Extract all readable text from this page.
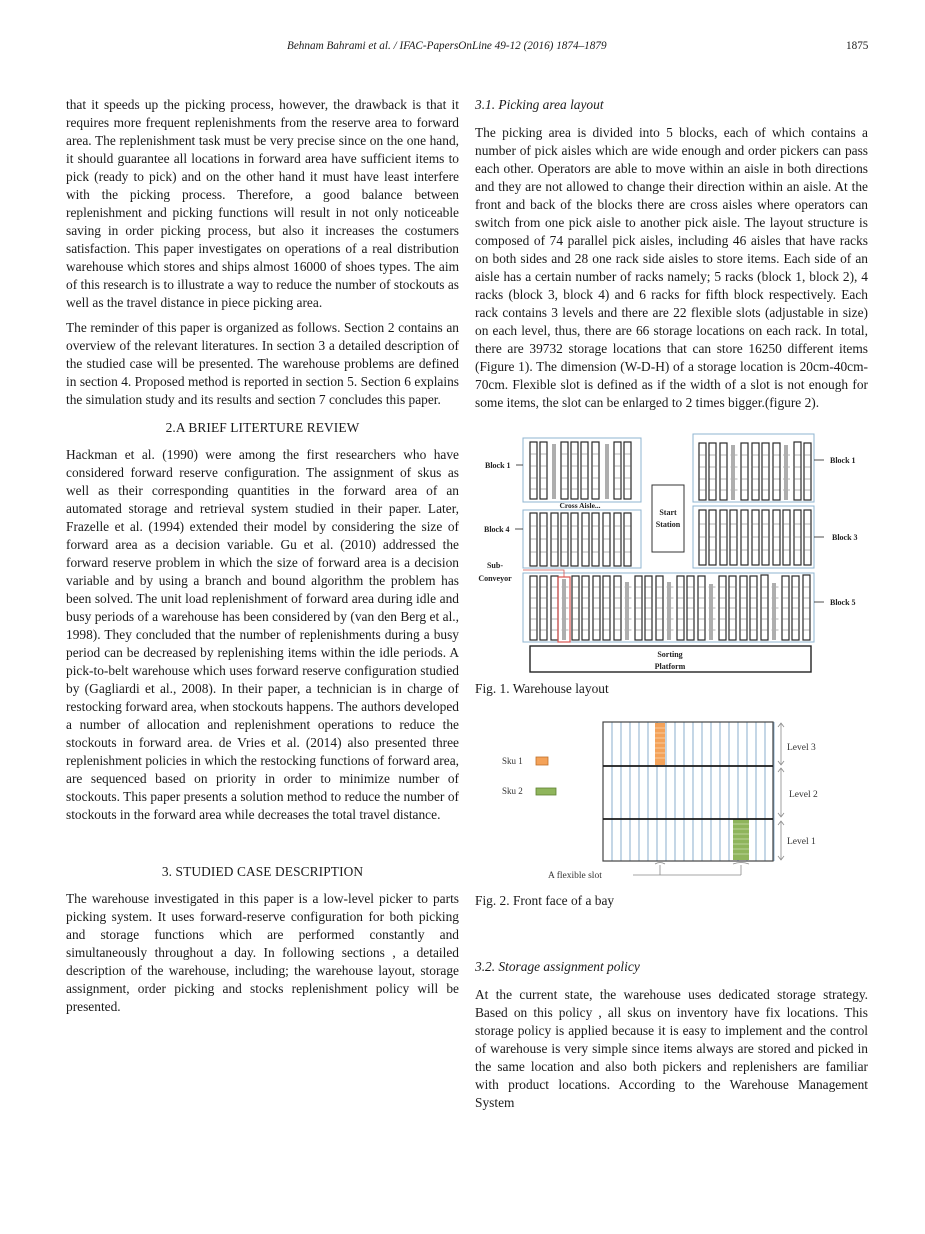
Behnam Bahrami et al. / IFAC-PapersOnLine 49-12 (2016) 1874–1879	1875

that it speeds up the picking process, however, the drawback is that it requires more frequent replenishments from the reserve area to forward area. The replenishment task must be very precise since on the one hand, it should guarantee all locations in forward area have sufficient items to pick (ready to pick) and on the other hand it must have least interfere with the picking process. Therefore, a good balance between replenishment and picking functions will result in not only noticeable saving in order picking process, but also it increases the costumers satisfaction. This paper investigates on operations of a real distribution warehouse which stores and ships almost 16000 of shoes types. The aim of this research is to illustrate a way to reduce the number of stockouts as well as the travel distance in piece picking area.

The reminder of this paper is organized as follows. Section 2 contains an overview of the relevant literatures. In section 3 a detailed description of the studied case will be presented. The warehouse problems are defined in section 4. Proposed method is reported in section 5. Section 6 explains the simulation study and its results and section 7 concludes this paper.

2.A BRIEF LITERTURE REVIEW

Hackman et al. (1990) were among the first researchers who have considered forward reserve configuration. The assignment of skus as well as their corresponding quantities in the forward area of an automated storage and retrieval system studied in their paper. Later, Frazelle et al. (1994) extended their model by considering the size of forward area as a decision variable. Gu et al. (2010) addressed the forward reserve problem in which the size of forward area is a decision variable and by using a branch and bound algorithm the problem has been solved. The unit load replenishment of forward area during idle and busy periods of a warehouse has been considered by (van den Berg et al., 1998). They concluded that the number of replenishments during a busy period can be decreased by replenishing items within the idle periods. A pick-to-belt warehouse which uses forward reserve configuration studied by (Gagliardi et al., 2008). In their paper, a technician is in charge of restocking forward area, when stockouts happens. The authors developed a number of allocation and replenishment operations to reduce the stockouts in forward area. de Vries et al. (2014) also presented three replenishment policies in which the restocking functions of forward area, are sequenced based on priority in order to minimize number of stockouts. This paper presents a solution method to reduce the number of stockouts in the forward area while decreases the total travel distance.

3. STUDIED CASE DESCRIPTION

The warehouse investigated in this paper is a low-level picker to parts picking system. It uses forward-reserve configuration for both picking and storage functions which are performed constantly and simultaneously throughout a day. In following sections , a detailed description of the warehouse, including; the warehouse layout, storage assignment, order picking and stocks replenishment policy will be presented.

3.1. Picking area layout

The picking area is divided into 5 blocks, each of which contains a number of pick aisles which are wide enough and order pickers can pass each other. Operators are able to move within an aisle in both directions and they are not allowed to change their direction within an aisle. At the front and back of the blocks there are cross aisles where operators can switch from one pick aisle to another pick aisle. The layout structure is composed of 74 parallel pick aisles, including 46 aisles that have racks on both sides and 28 one rack side aisles to store items. Each side of an aisle has a certain number of racks namely; 5 racks (block 1, block 2), 4 racks (block 3, block 4) and 6 racks for fifth block respectively. Each rack contains 3 levels and there are 22 flexible slots (adjustable in size) on each level, thus, there are 66 storage locations on each rack. In total, there are 39732 storage locations that can store 16250 different items (Figure 1). The dimension (W-D-H) of a storage location is 20cm-40cm-70cm. Flexible slot is defined as if the width of a slot is not enough for some items, the slot can be enlarged to 2 times bigger.(figure 2).

Start
Station
Sorting
Platform
Cross Aisle...
Block 1
Block 1
Block 4
Block 3
Block 5
Sub-
Conveyor

Fig. 1. Warehouse layout

Sku 1
Sku 2
Level 3
Level 2
Level 1
A flexible slot

Fig. 2. Front face of a bay

3.2. Storage assignment policy

At the current state, the warehouse uses dedicated storage strategy. Based on this policy , all skus on inventory have fix locations. This storage policy is applied because it is easy to implement and the control of warehouse is very simple since items always are stored and picked in the same location and also both pickers and replenishers are familiar with product locations. According to the Warehouse Management System
